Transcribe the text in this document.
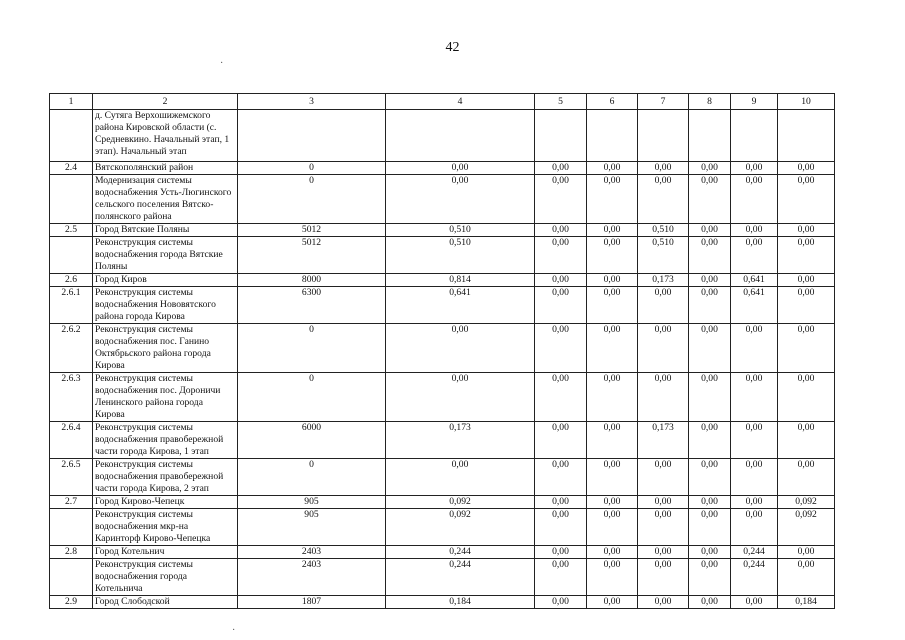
42
1	2	3	4	5	6	7	8	9	10
	д. Сутяга Верхошижемского района Кировской области (с. Средневкино. Начальный этап, 1 этап). Начальный этап								
2.4	Вятскополянский район	0	0,00	0,00	0,00	0,00	0,00	0,00	0,00
	Модернизация системы водоснабжения Усть-Люгинского сельского поселения Вятско-полянского района	0	0,00	0,00	0,00	0,00	0,00	0,00	0,00
2.5	Город Вятские Поляны	5012	0,510	0,00	0,00	0,510	0,00	0,00	0,00
	Реконструкция системы водоснабжения города Вятские Поляны	5012	0,510	0,00	0,00	0,510	0,00	0,00	0,00
2.6	Город Киров	8000	0,814	0,00	0,00	0,173	0,00	0,641	0,00
2.6.1	Реконструкция системы водоснабжения Нововятского района города Кирова	6300	0,641	0,00	0,00	0,00	0,00	0,641	0,00
2.6.2	Реконструкция системы водоснабжения пос. Ганино Октябрьского района города Кирова	0	0,00	0,00	0,00	0,00	0,00	0,00	0,00
2.6.3	Реконструкция системы водоснабжения пос. Дороничи Ленинского района города Кирова	0	0,00	0,00	0,00	0,00	0,00	0,00	0,00
2.6.4	Реконструкция системы водоснабжения правобережной части города Кирова, 1 этап	6000	0,173	0,00	0,00	0,173	0,00	0,00	0,00
2.6.5	Реконструкция системы водоснабжения правобережной части города Кирова, 2 этап	0	0,00	0,00	0,00	0,00	0,00	0,00	0,00
2.7	Город Кирово-Чепецк	905	0,092	0,00	0,00	0,00	0,00	0,00	0,092
	Реконструкция системы водоснабжения мкр-на Каринторф Кирово-Чепецка	905	0,092	0,00	0,00	0,00	0,00	0,00	0,092
2.8	Город Котельнич	2403	0,244	0,00	0,00	0,00	0,00	0,244	0,00
	Реконструкция системы водоснабжения города Котельнича	2403	0,244	0,00	0,00	0,00	0,00	0,244	0,00
2.9	Город Слободской	1807	0,184	0,00	0,00	0,00	0,00	0,00	0,184
·
·
